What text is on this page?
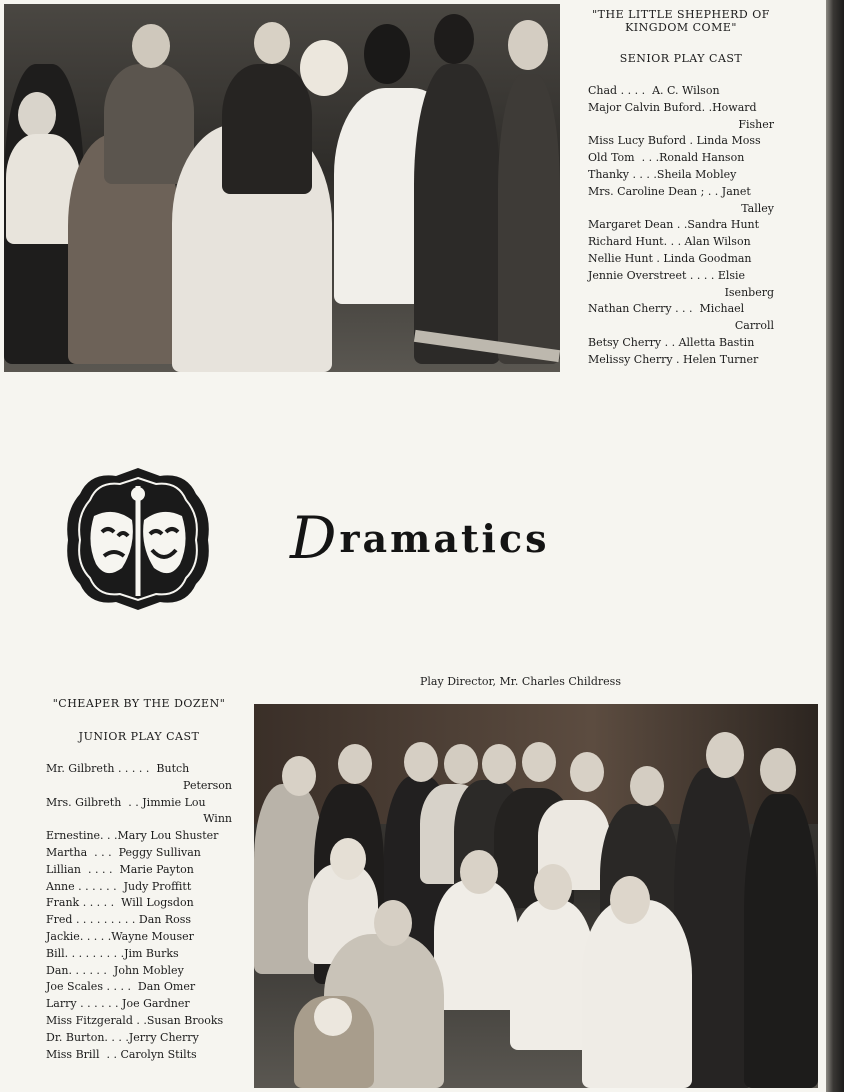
"THE LITTLE SHEPHERD OF
KINGDOM COME"
SENIOR PLAY CAST
Chad . . . .  A. C. Wilson
Major Calvin Buford. .Howard
Fisher
Miss Lucy Buford . Linda Moss
Old Tom  . . .Ronald Hanson
Thanky . . . .Sheila Mobley
Mrs. Caroline Dean ; . . Janet
Talley
Margaret Dean . .Sandra Hunt
Richard Hunt. . . Alan Wilson
Nellie Hunt . Linda Goodman
Jennie Overstreet . . . . Elsie
Isenberg
Nathan Cherry . . .  Michael
Carroll
Betsy Cherry . . Alletta Bastin
Melissy Cherry . Helen Turner
Dramatics
Play Director, Mr. Charles Childress
"CHEAPER BY THE DOZEN"
JUNIOR PLAY CAST
Mr. Gilbreth . . . . .  Butch
Peterson
Mrs. Gilbreth  . . Jimmie Lou
Winn
Ernestine. . .Mary Lou Shuster
Martha  . . .  Peggy Sullivan
Lillian  . . . .  Marie Payton
Anne . . . . . .  Judy Proffitt
Frank . . . . .  Will Logsdon
Fred . . . . . . . . . Dan Ross
Jackie. . . . .Wayne Mouser
Bill. . . . . . . . .Jim Burks
Dan. . . . . .  John Mobley
Joe Scales . . . .  Dan Omer
Larry . . . . . . Joe Gardner
Miss Fitzgerald . .Susan Brooks
Dr. Burton. . . .Jerry Cherry
Miss Brill  . . Carolyn Stilts
